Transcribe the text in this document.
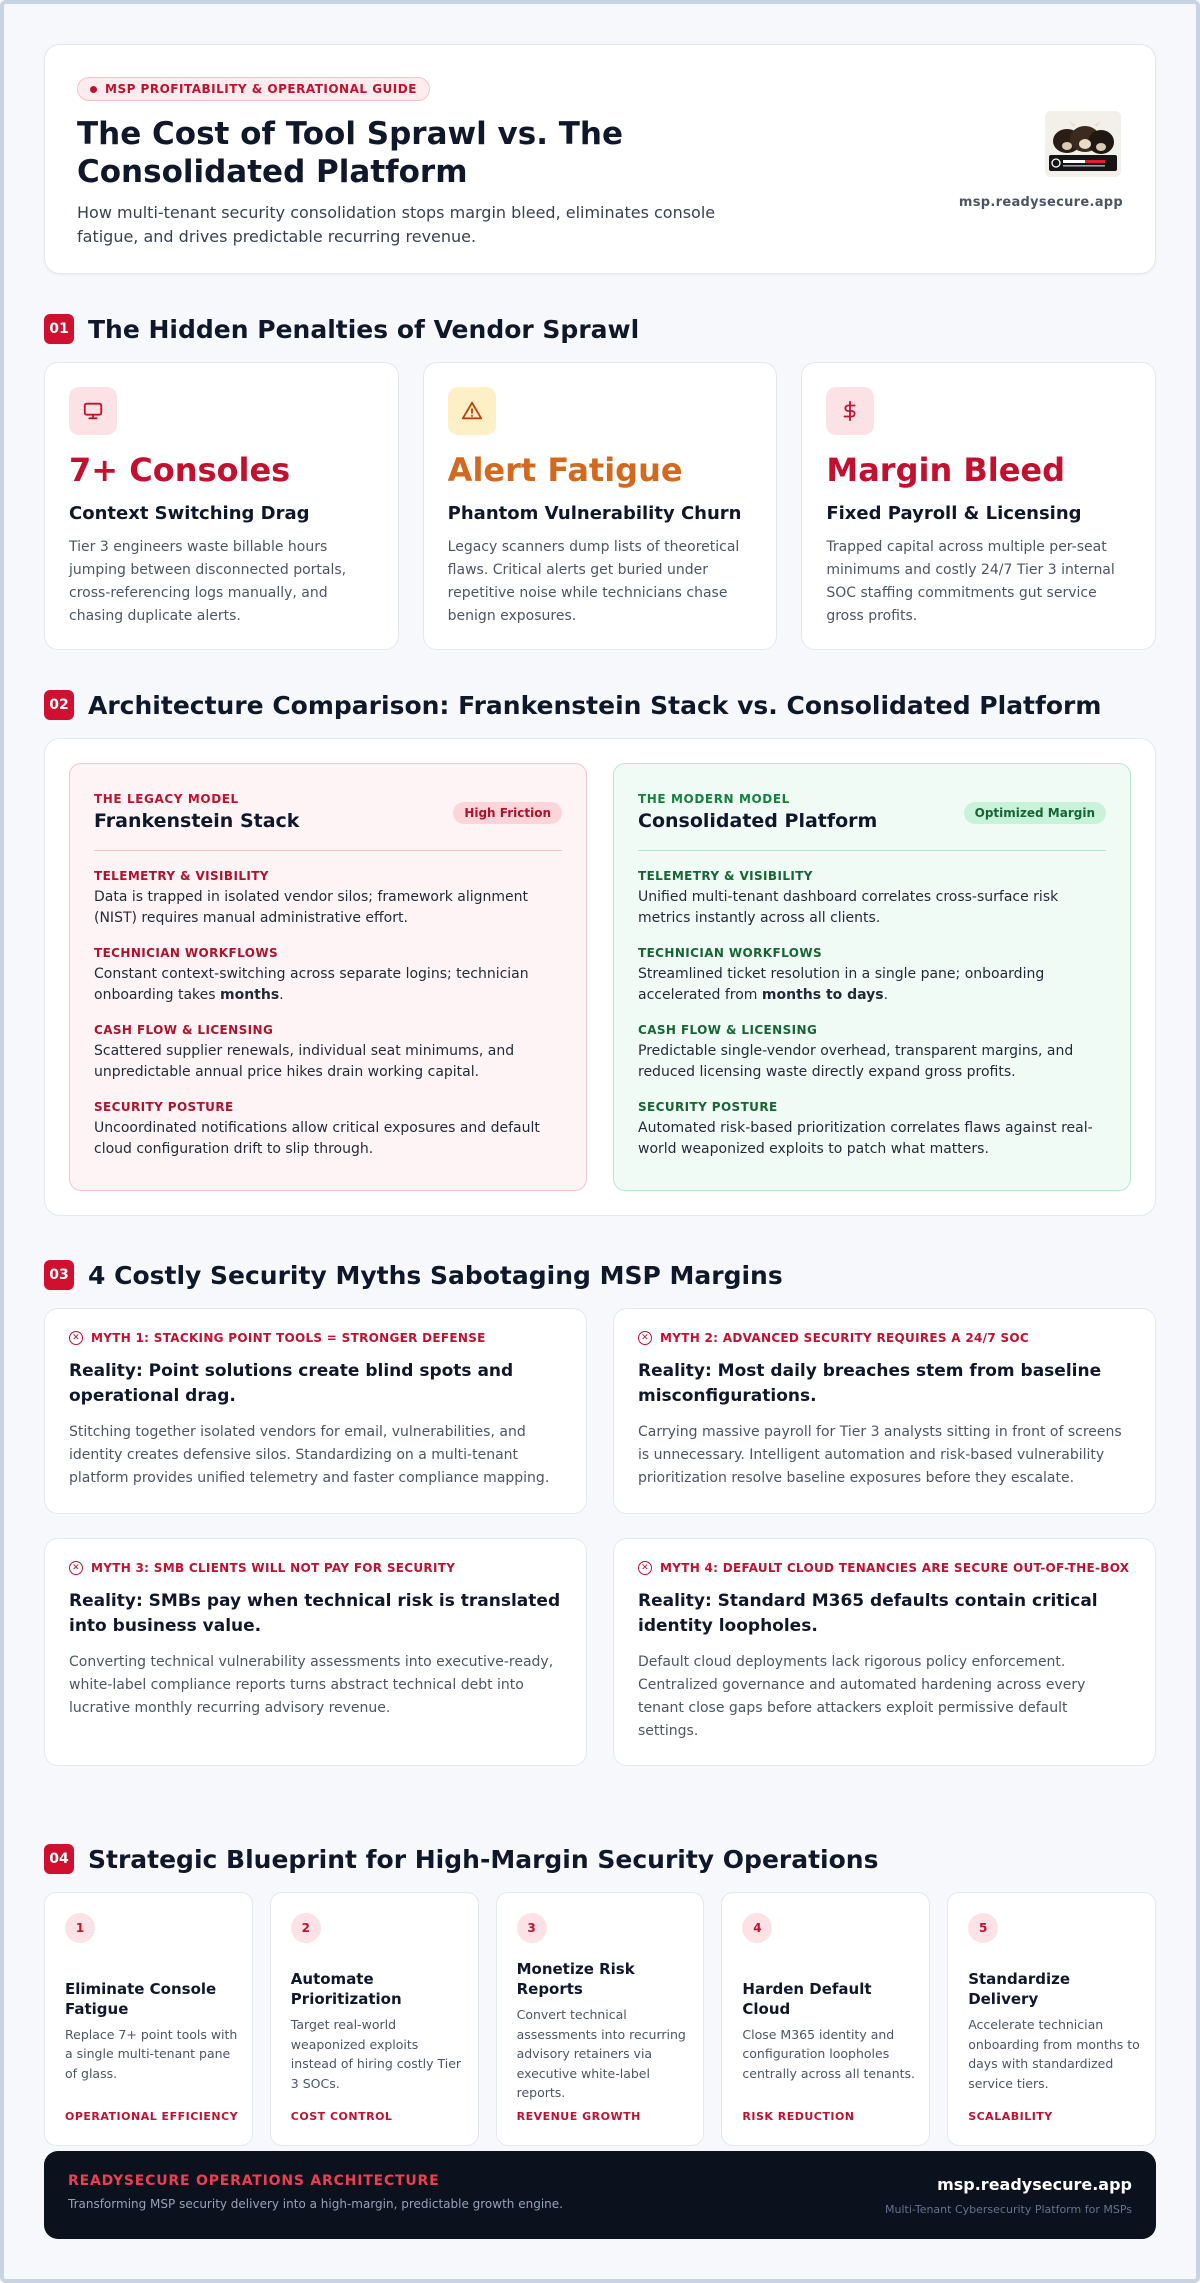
MSP PROFITABILITY & OPERATIONAL GUIDE
The Cost of Tool Sprawl vs. The Consolidated Platform

How multi-tenant security consolidation stops margin bleed, eliminates console fatigue, and drives predictable recurring revenue.

msp.readysecure.app
01 The Hidden Penalties of Vendor Sprawl
7+ Consoles
Context Switching Drag
Tier 3 engineers waste billable hours jumping between disconnected portals, cross-referencing logs manually, and chasing duplicate alerts.
Alert Fatigue
Phantom Vulnerability Churn
Legacy scanners dump lists of theoretical flaws. Critical alerts get buried under repetitive noise while technicians chase benign exposures.
Margin Bleed
Fixed Payroll & Licensing
Trapped capital across multiple per-seat minimums and costly 24/7 Tier 3 internal SOC staffing commitments gut service gross profits.
02 Architecture Comparison: Frankenstein Stack vs. Consolidated Platform
THE LEGACY MODEL
Frankenstein Stack	High Friction
TELEMETRY & VISIBILITY
Data is trapped in isolated vendor silos; framework alignment (NIST) requires manual administrative effort.
TECHNICIAN WORKFLOWS
Constant context-switching across separate logins; technician onboarding takes months.
CASH FLOW & LICENSING
Scattered supplier renewals, individual seat minimums, and unpredictable annual price hikes drain working capital.
SECURITY POSTURE
Uncoordinated notifications allow critical exposures and default cloud configuration drift to slip through.
THE MODERN MODEL
Consolidated Platform	Optimized Margin
TELEMETRY & VISIBILITY
Unified multi-tenant dashboard correlates cross-surface risk metrics instantly across all clients.
TECHNICIAN WORKFLOWS
Streamlined ticket resolution in a single pane; onboarding accelerated from months to days.
CASH FLOW & LICENSING
Predictable single-vendor overhead, transparent margins, and reduced licensing waste directly expand gross profits.
SECURITY POSTURE
Automated risk-based prioritization correlates flaws against real-world weaponized exploits to patch what matters.
03 4 Costly Security Myths Sabotaging MSP Margins
✕ MYTH 1: STACKING POINT TOOLS = STRONGER DEFENSE
Reality: Point solutions create blind spots and operational drag.
Stitching together isolated vendors for email, vulnerabilities, and identity creates defensive silos. Standardizing on a multi-tenant platform provides unified telemetry and faster compliance mapping.
✕ MYTH 2: ADVANCED SECURITY REQUIRES A 24/7 SOC
Reality: Most daily breaches stem from baseline misconfigurations.
Carrying massive payroll for Tier 3 analysts sitting in front of screens is unnecessary. Intelligent automation and risk-based vulnerability prioritization resolve baseline exposures before they escalate.
✕ MYTH 3: SMB CLIENTS WILL NOT PAY FOR SECURITY
Reality: SMBs pay when technical risk is translated into business value.
Converting technical vulnerability assessments into executive-ready, white-label compliance reports turns abstract technical debt into lucrative monthly recurring advisory revenue.
✕ MYTH 4: DEFAULT CLOUD TENANCIES ARE SECURE OUT-OF-THE-BOX
Reality: Standard M365 defaults contain critical identity loopholes.
Default cloud deployments lack rigorous policy enforcement. Centralized governance and automated hardening across every tenant close gaps before attackers exploit permissive default settings.
04 Strategic Blueprint for High-Margin Security Operations
1
Eliminate Console Fatigue
Replace 7+ point tools with a single multi-tenant pane of glass.
OPERATIONAL EFFICIENCY
2
Automate Prioritization
Target real-world weaponized exploits instead of hiring costly Tier 3 SOCs.
COST CONTROL
3
Monetize Risk Reports
Convert technical assessments into recurring advisory retainers via executive white-label reports.
REVENUE GROWTH
4
Harden Default Cloud
Close M365 identity and configuration loopholes centrally across all tenants.
RISK REDUCTION
5
Standardize Delivery
Accelerate technician onboarding from months to days with standardized service tiers.
SCALABILITY
READYSECURE OPERATIONS ARCHITECTURE
Transforming MSP security delivery into a high-margin, predictable growth engine.
msp.readysecure.app
Multi-Tenant Cybersecurity Platform for MSPs
